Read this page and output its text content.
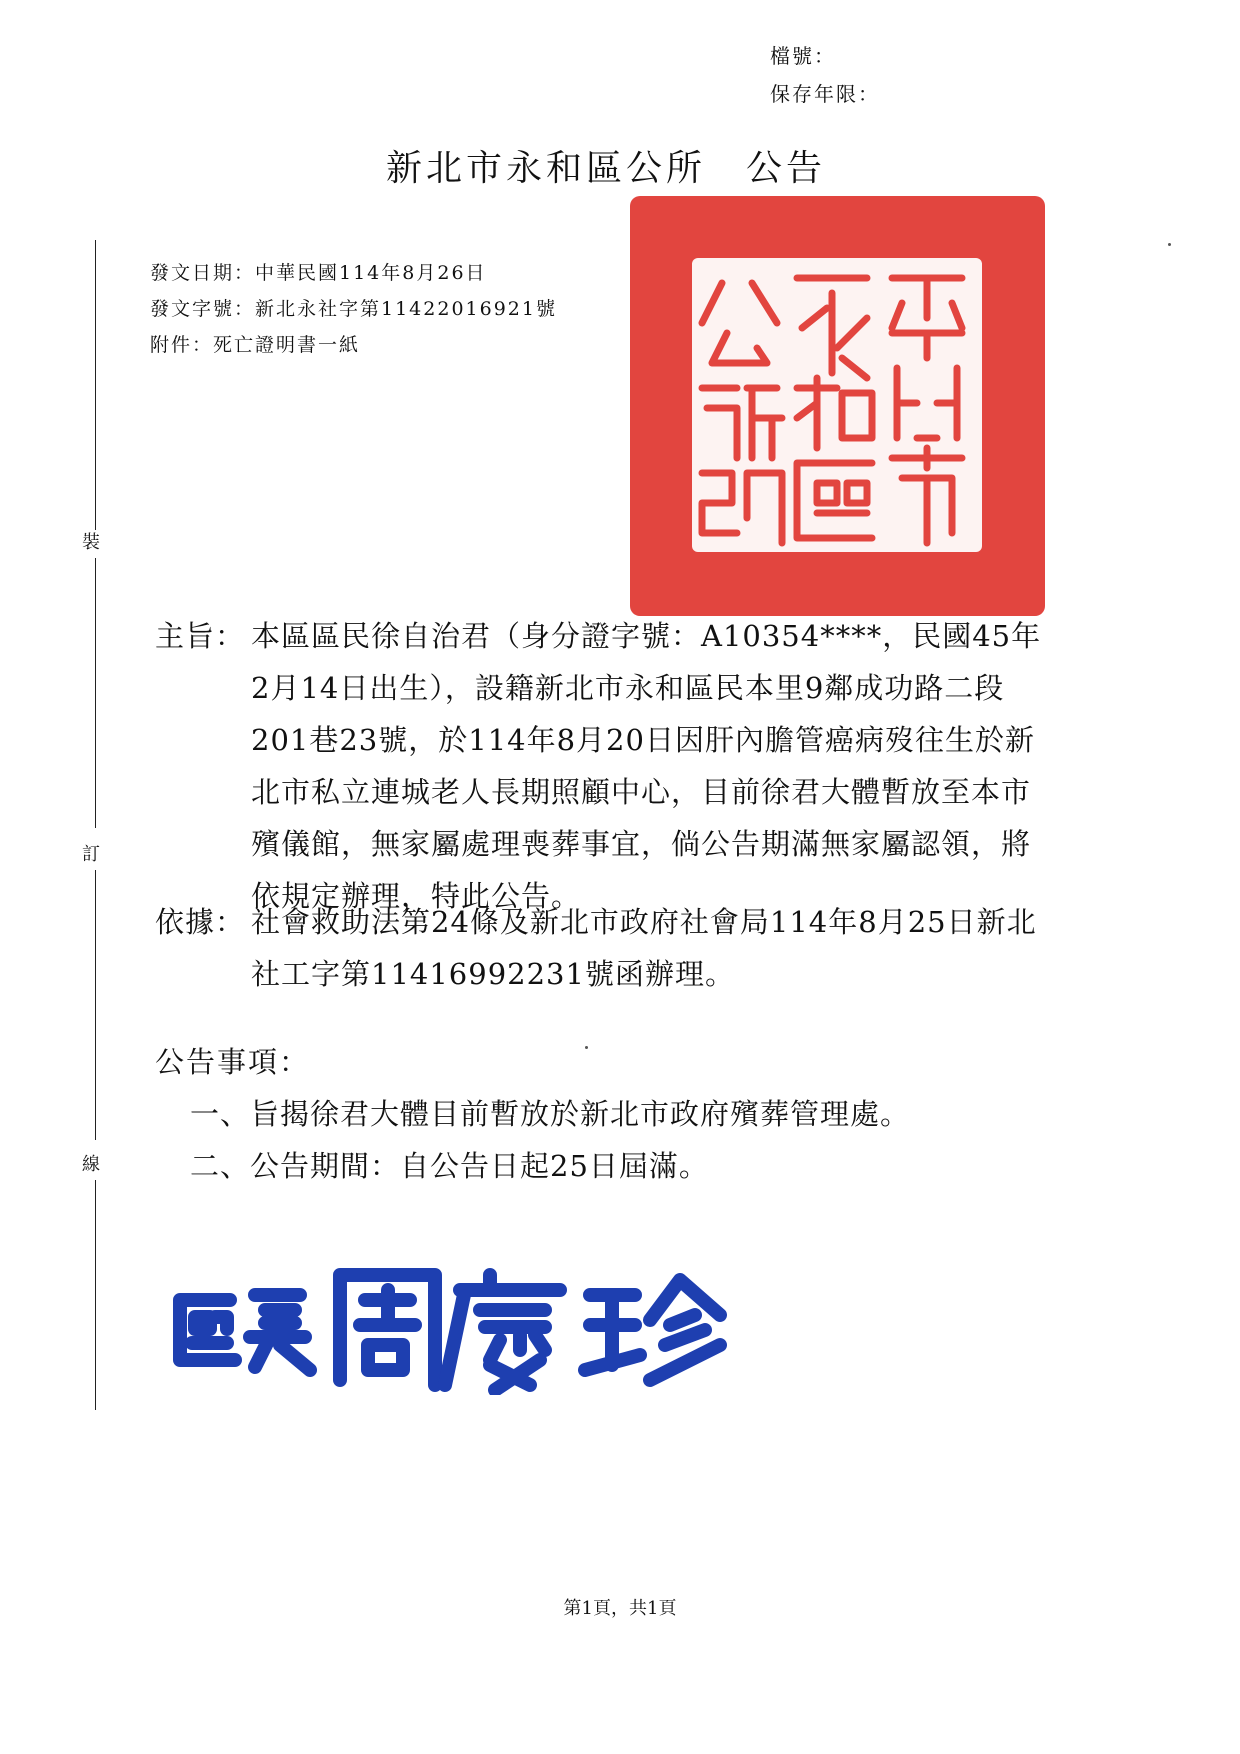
檔號：
保存年限：
新北市永和區公所 公告
裝
訂
線
發文日期：中華民國114年8月26日
發文字號：新北永社字第11422016921號
附件：死亡證明書一紙
主旨： 本區區民徐自治君（身分證字號：A10354****，民國45年2月14日出生），設籍新北市永和區民本里9鄰成功路二段201巷23號，於114年8月20日因肝內膽管癌病歿往生於新北市私立連城老人長期照顧中心，目前徐君大體暫放至本市殯儀館，無家屬處理喪葬事宜，倘公告期滿無家屬認領，將依規定辦理，特此公告。
依據： 社會救助法第24條及新北市政府社會局114年8月25日新北社工字第11416992231號函辦理。
公告事項：
一、旨揭徐君大體目前暫放於新北市政府殯葬管理處。
二、公告期間：自公告日起25日屆滿。
第1頁，共1頁
